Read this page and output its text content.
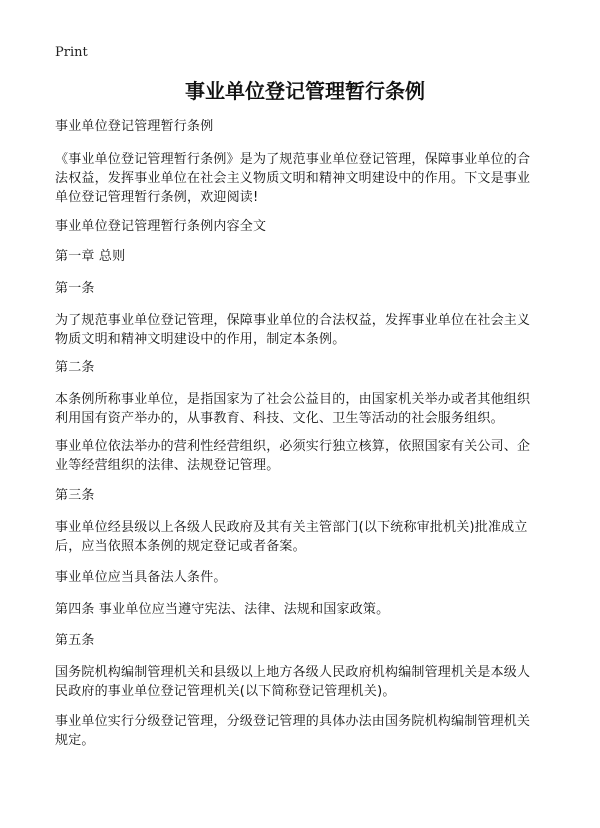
Print
事业单位登记管理暂行条例

事业单位登记管理暂行条例

《事业单位登记管理暂行条例》是为了规范事业单位登记管理，保障事业单位的合
法权益，发挥事业单位在社会主义物质文明和精神文明建设中的作用。下文是事业
单位登记管理暂行条例，欢迎阅读!

事业单位登记管理暂行条例内容全文

第一章 总则

第一条

为了规范事业单位登记管理，保障事业单位的合法权益，发挥事业单位在社会主义
物质文明和精神文明建设中的作用，制定本条例。

第二条

本条例所称事业单位，是指国家为了社会公益目的，由国家机关举办或者其他组织
利用国有资产举办的，从事教育、科技、文化、卫生等活动的社会服务组织。

事业单位依法举办的营利性经营组织，必须实行独立核算，依照国家有关公司、企
业等经营组织的法律、法规登记管理。

第三条

事业单位经县级以上各级人民政府及其有关主管部门(以下统称审批机关)批准成立
后，应当依照本条例的规定登记或者备案。

事业单位应当具备法人条件。

第四条 事业单位应当遵守宪法、法律、法规和国家政策。

第五条

国务院机构编制管理机关和县级以上地方各级人民政府机构编制管理机关是本级人
民政府的事业单位登记管理机关(以下简称登记管理机关)。

事业单位实行分级登记管理，分级登记管理的具体办法由国务院机构编制管理机关
规定。
